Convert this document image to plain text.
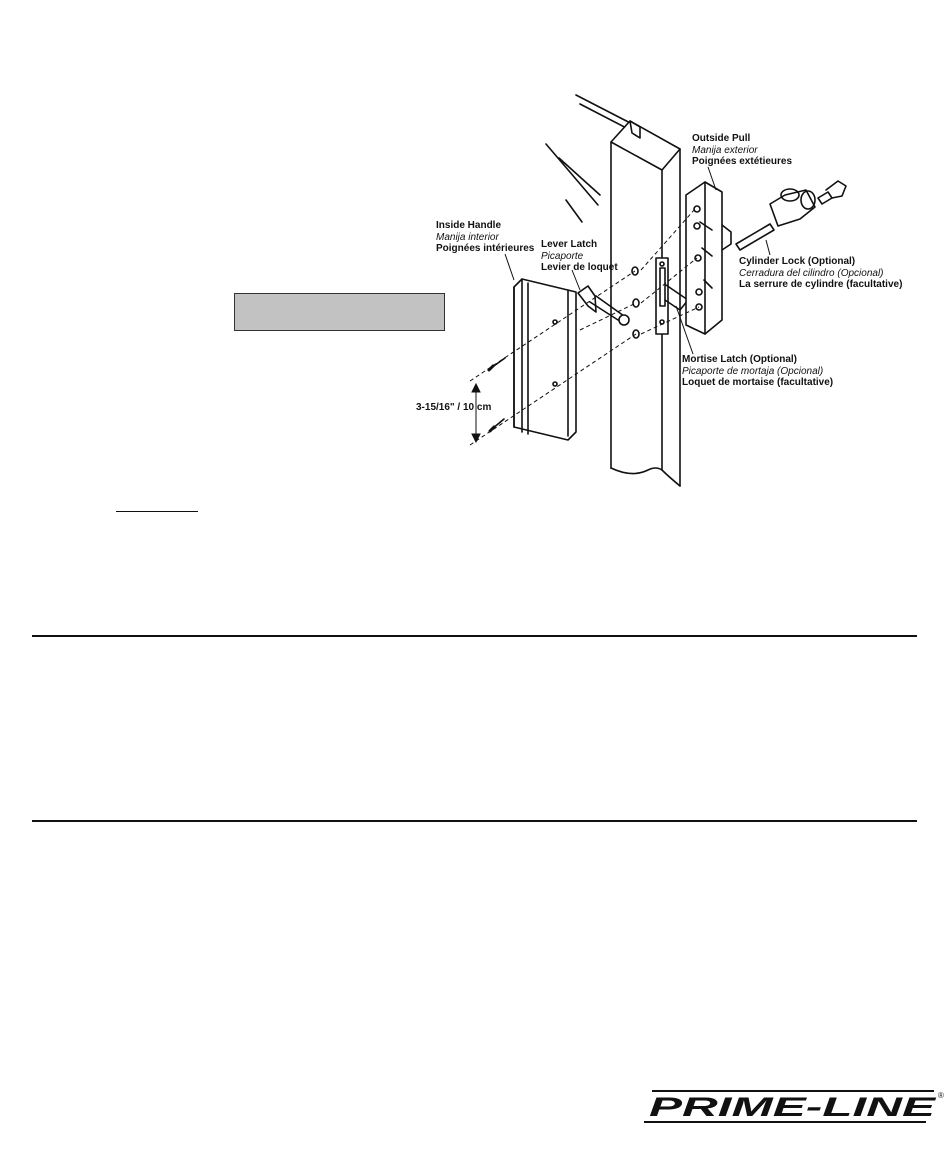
Outside Pull
Manija exterior
Poignées extétieures
Inside Handle
Manija interior
Poignées intérieures Lever Latch
Picaporte
Levier de loquet
Cylinder Lock (Optional)
Cerradura del cilindro (Opcional)
La serrure de cylindre (facultative)
Mortise Latch (Optional)
Picaporte de mortaja (Opcional)
Loquet de mortaise (facultative)
3-15/16" / 10 cm
PRIME-LINE ®
